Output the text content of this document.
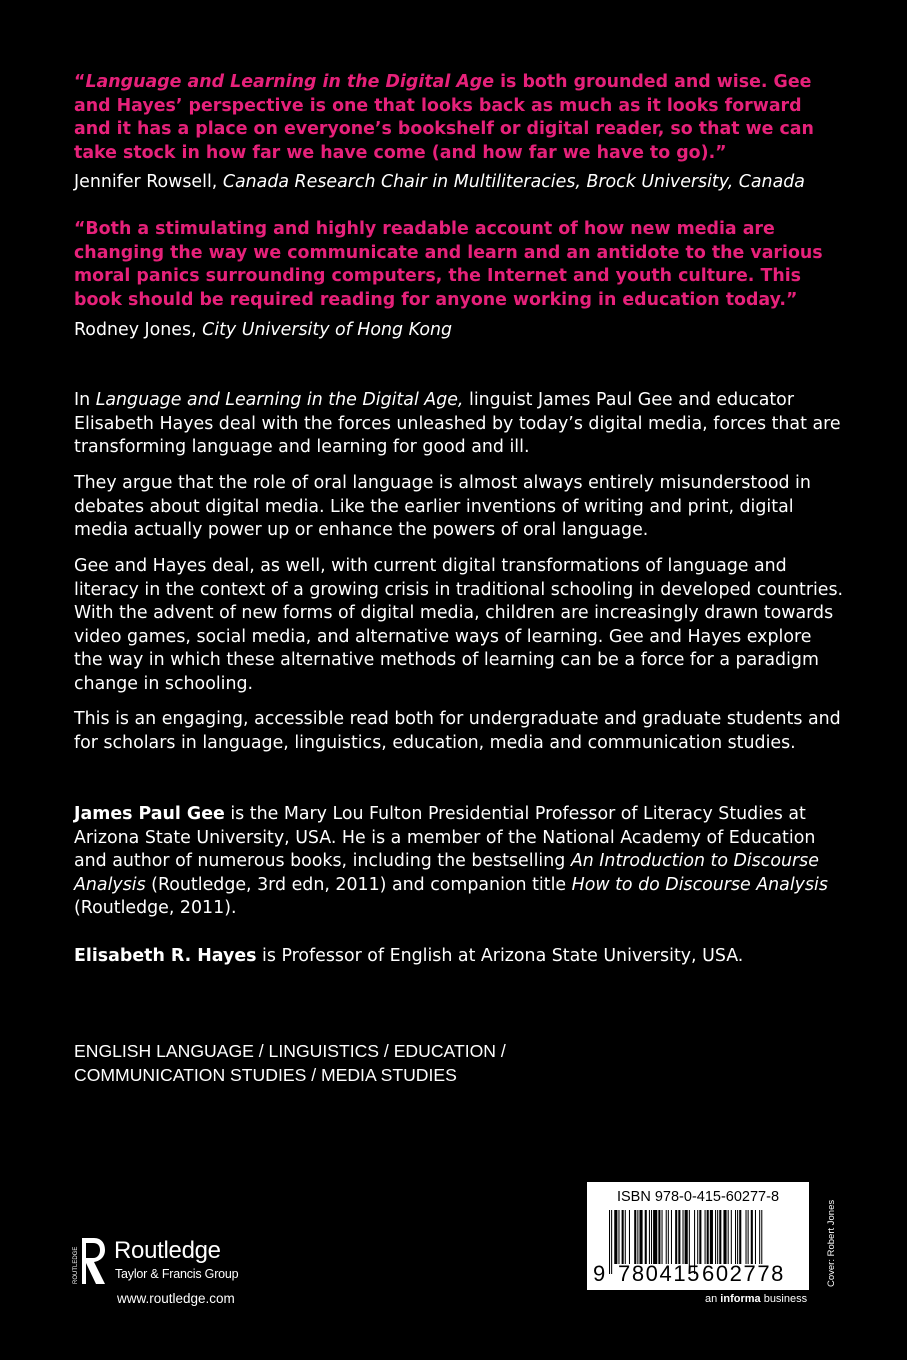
“Language and Learning in the Digital Age is both grounded and wise. Gee and Hayes’ perspective is one that looks back as much as it looks forward and it has a place on everyone’s bookshelf or digital reader, so that we can take stock in how far we have come (and how far we have to go).”
Jennifer Rowsell, Canada Research Chair in Multiliteracies, Brock University, Canada
“Both a stimulating and highly readable account of how new media are changing the way we communicate and learn and an antidote to the various moral panics surrounding computers, the Internet and youth culture. This book should be required reading for anyone working in education today.”
Rodney Jones, City University of Hong Kong

In Language and Learning in the Digital Age, linguist James Paul Gee and educator Elisabeth Hayes deal with the forces unleashed by today’s digital media, forces that are transforming language and learning for good and ill.

They argue that the role of oral language is almost always entirely misunderstood in debates about digital media. Like the earlier inventions of writing and print, digital media actually power up or enhance the powers of oral language.

Gee and Hayes deal, as well, with current digital transformations of language and literacy in the context of a growing crisis in traditional schooling in developed countries. With the advent of new forms of digital media, children are increasingly drawn towards video games, social media, and alternative ways of learning. Gee and Hayes explore the way in which these alternative methods of learning can be a force for a paradigm change in schooling.

This is an engaging, accessible read both for undergraduate and graduate students and for scholars in language, linguistics, education, media and communication studies.

James Paul Gee is the Mary Lou Fulton Presidential Professor of Literacy Studies at Arizona State University, USA. He is a member of the National Academy of Education and author of numerous books, including the bestselling An Introduction to Discourse Analysis (Routledge, 3rd edn, 2011) and companion title How to do Discourse Analysis (Routledge, 2011).

Elisabeth R. Hayes is Professor of English at Arizona State University, USA.

ENGLISH LANGUAGE / LINGUISTICS / EDUCATION /
COMMUNICATION STUDIES / MEDIA STUDIES
ROUTLEDGE Routledge
Taylor & Francis Group
www.routledge.com
ISBN 978-0-415-60277-8
9 780415 602778
an informa business
Cover: Robert Jones
